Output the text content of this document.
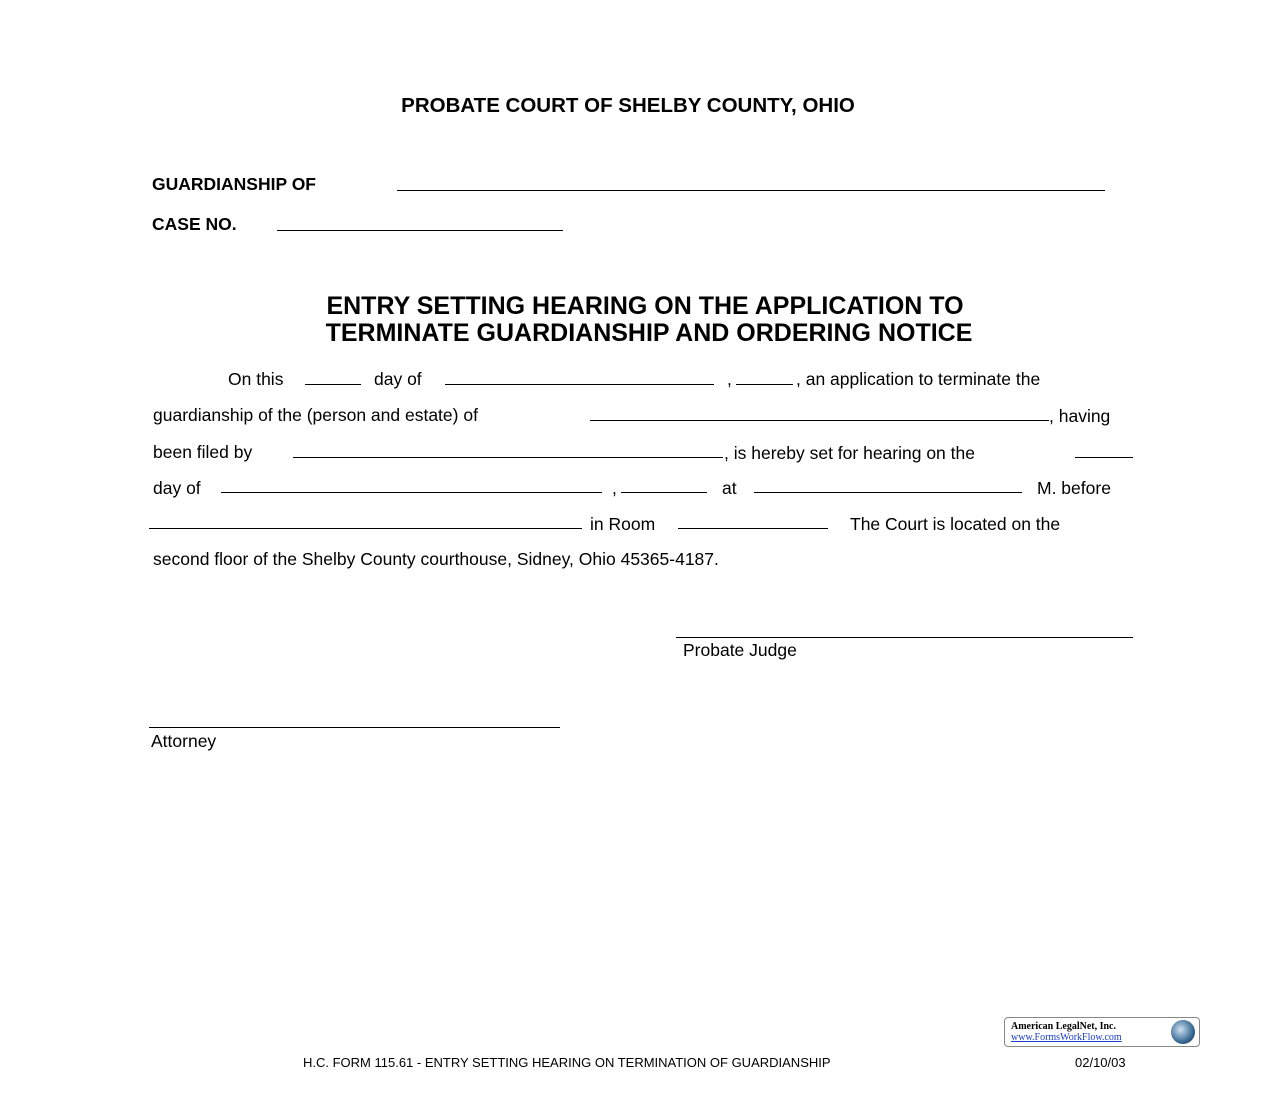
PROBATE COURT OF SHELBY COUNTY, OHIO
GUARDIANSHIP OF
CASE NO.
ENTRY SETTING HEARING ON THE APPLICATION TO
TERMINATE GUARDIANSHIP AND ORDERING NOTICE
On this	day of	,	, an application to terminate the
guardianship of the (person and estate) of	, having
been filed by	, is hereby set for hearing on the
day of	,	at	M. before
in Room	The Court is located on the
second floor of the Shelby County courthouse, Sidney, Ohio 45365-4187.
Probate Judge
Attorney
American LegalNet, Inc.
www.FormsWorkFlow.com
H.C. FORM 115.61 - ENTRY SETTING HEARING ON TERMINATION OF GUARDIANSHIP	02/10/03
